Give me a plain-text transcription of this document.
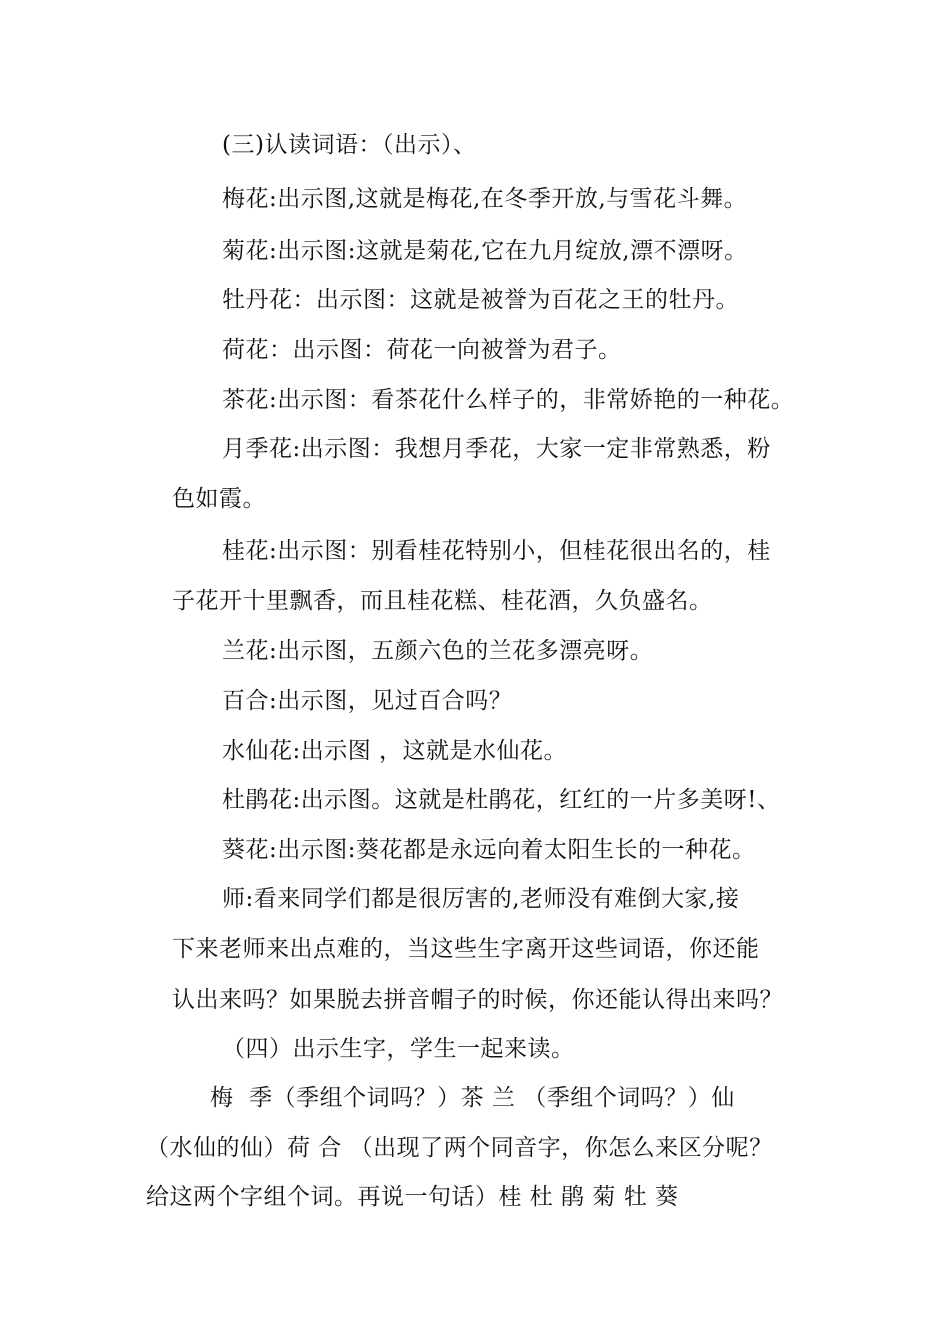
(三)认读词语：（出示）、
梅花:出示图,这就是梅花,在冬季开放,与雪花斗舞。
菊花:出示图:这就是菊花,它在九月绽放,漂不漂呀。
牡丹花：出示图：这就是被誉为百花之王的牡丹。
荷花：出示图：荷花一向被誉为君子。
茶花:出示图：看茶花什么样子的，非常娇艳的一种花。
月季花:出示图：我想月季花，大家一定非常熟悉，粉
色如霞。
桂花:出示图：别看桂花特别小，但桂花很出名的，桂
子花开十里飘香，而且桂花糕、桂花酒，久负盛名。
兰花:出示图，五颜六色的兰花多漂亮呀。
百合:出示图，见过百合吗？
水仙花:出示图 ，这就是水仙花。
杜鹃花:出示图。这就是杜鹃花，红红的一片多美呀!、
葵花:出示图:葵花都是永远向着太阳生长的一种花。
师:看来同学们都是很厉害的,老师没有难倒大家,接
下来老师来出点难的，当这些生字离开这些词语，你还能
认出来吗？如果脱去拼音帽子的时候，你还能认得出来吗？
（四）出示生字，学生一起来读。
梅  季（季组个词吗？）茶 兰 （季组个词吗？）仙
（水仙的仙）荷 合 （出现了两个同音字，你怎么来区分呢？
给这两个字组个词。再说一句话）桂 杜 鹃 菊 牡 葵
